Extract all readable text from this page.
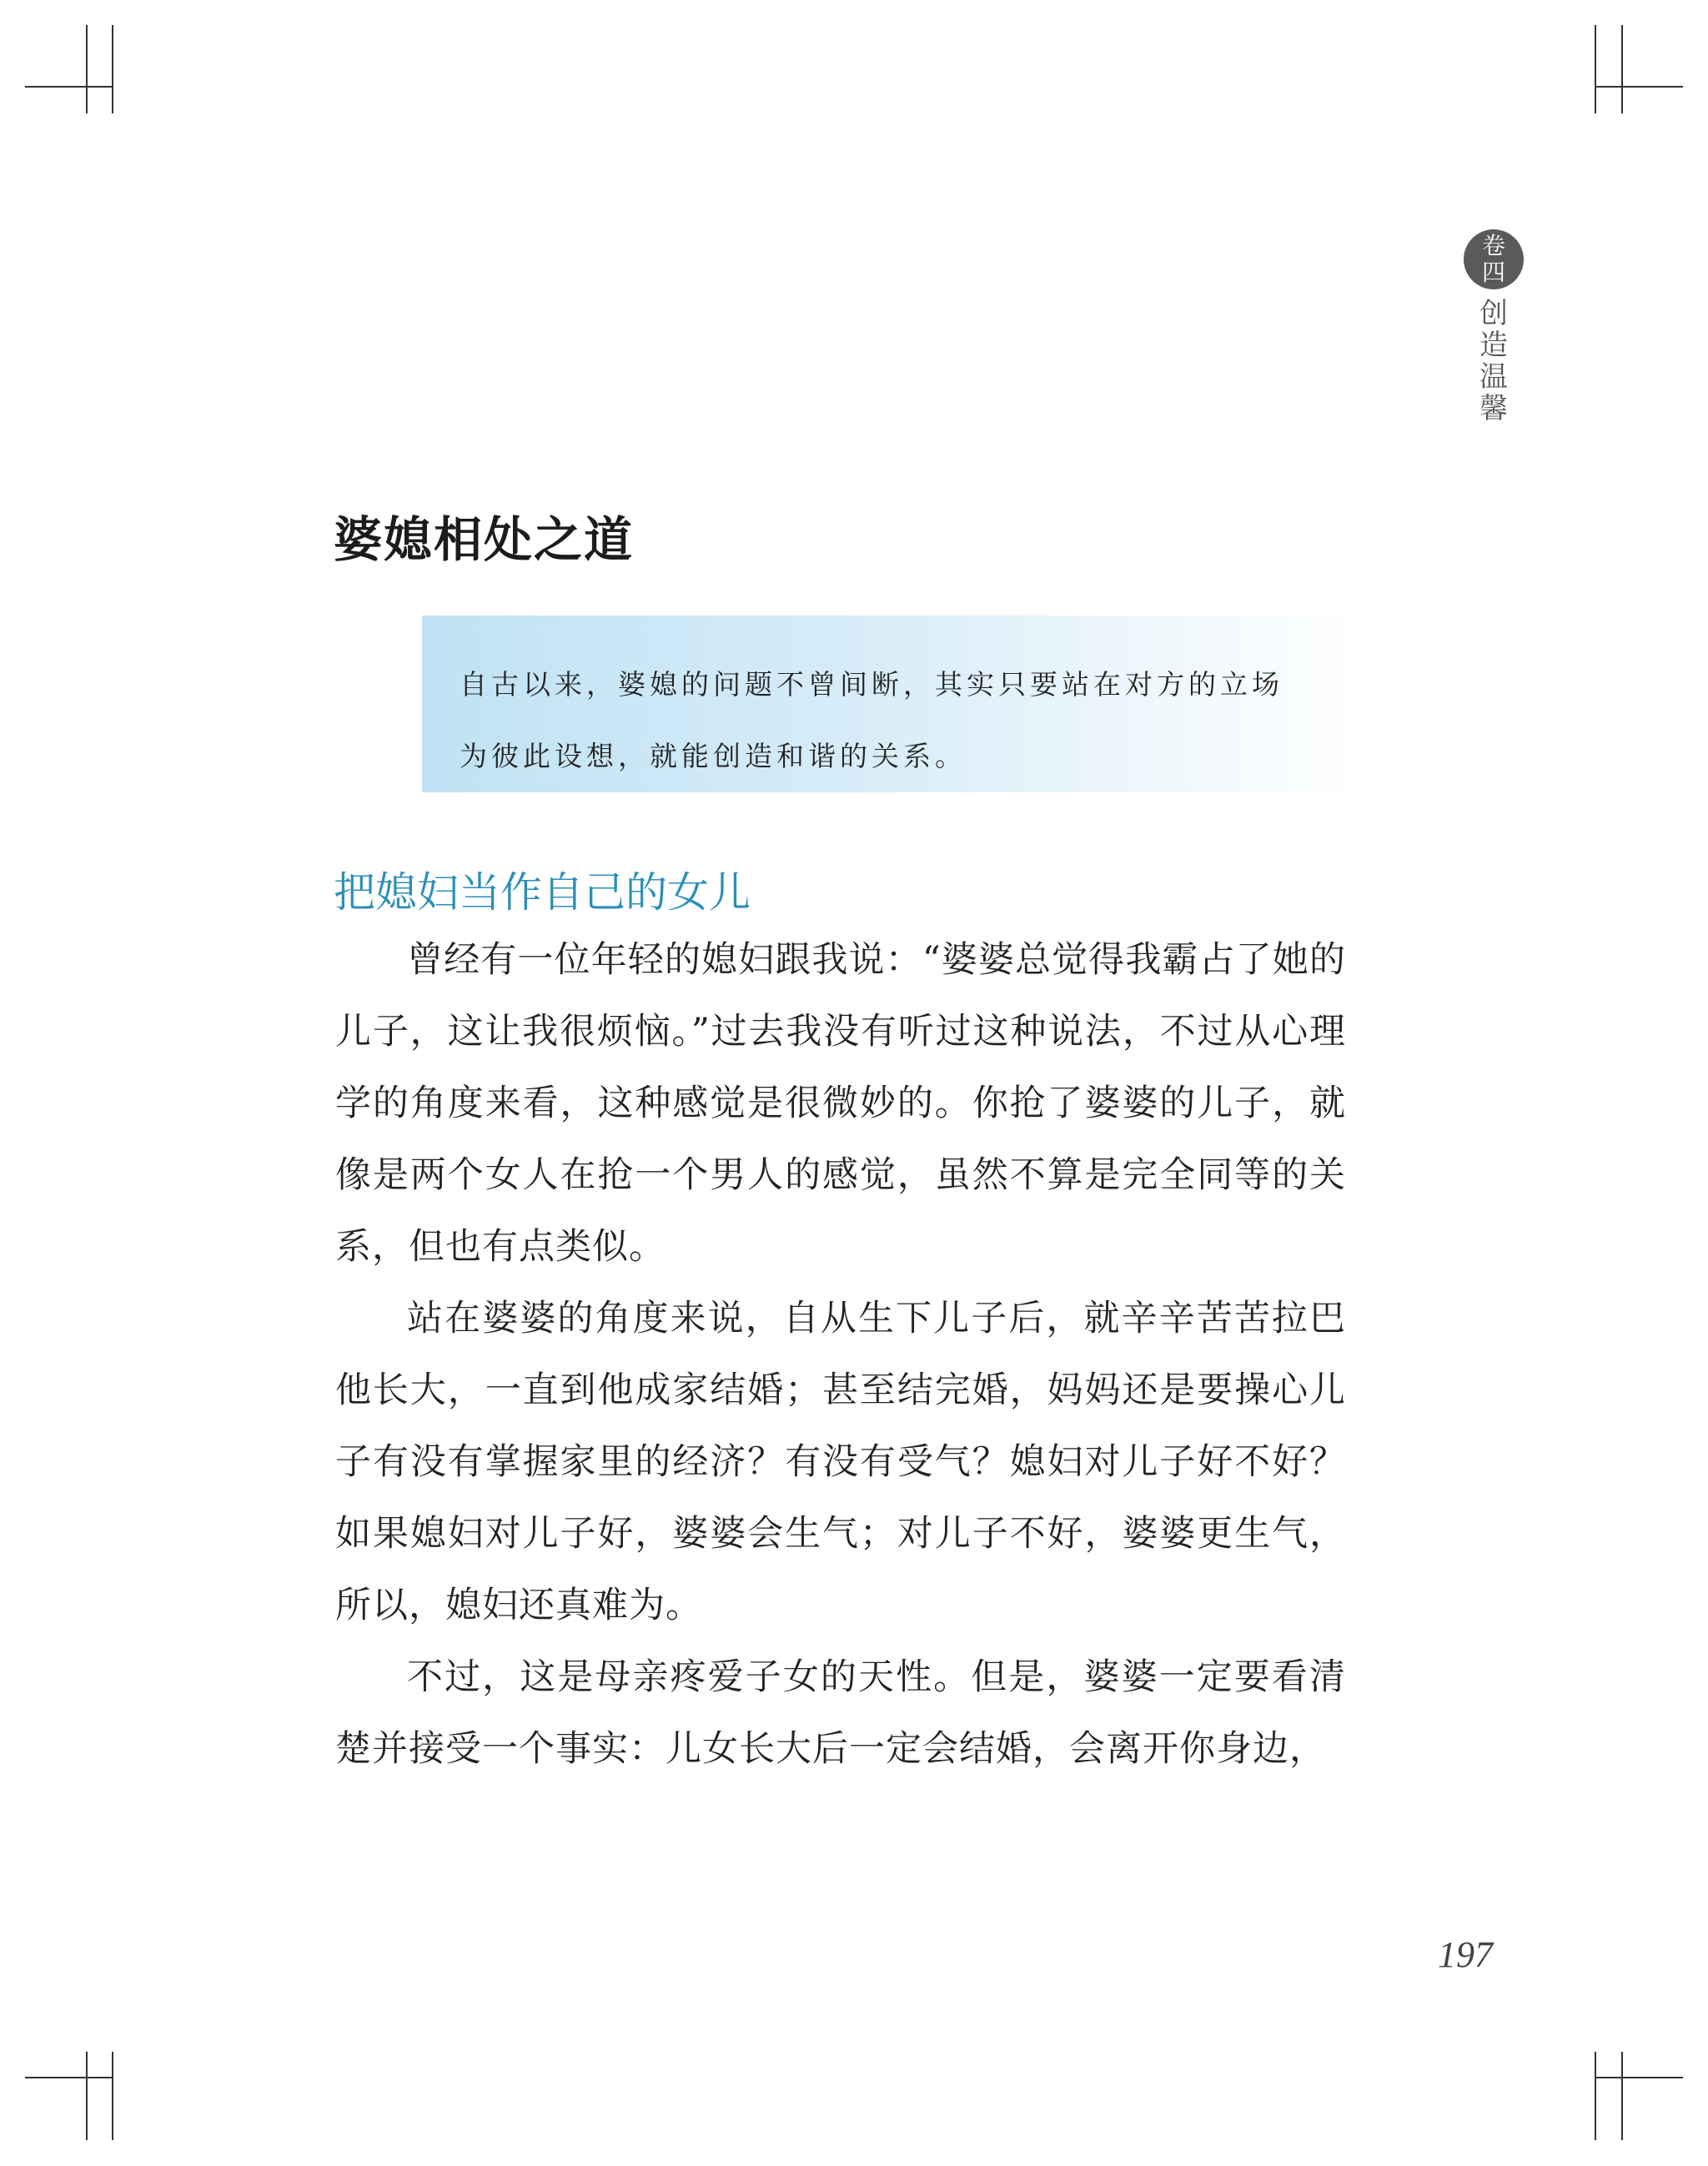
卷四
创造温馨
婆媳相处之道

自古以来，婆媳的问题不曾间断，其实只要站在对方的立场为彼此设想，就能创造和谐的关系。

把媳妇当作自己的女儿

曾经有一位年轻的媳妇跟我说：“婆婆总觉得我霸占了她的儿子，这让我很烦恼。”过去我没有听过这种说法，不过从心理学的角度来看，这种感觉是很微妙的。你抢了婆婆的儿子，就像是两个女人在抢一个男人的感觉，虽然不算是完全同等的关系，但也有点类似。

站在婆婆的角度来说，自从生下儿子后，就辛辛苦苦拉巴他长大，一直到他成家结婚；甚至结完婚，妈妈还是要操心儿子有没有掌握家里的经济？有没有受气？媳妇对儿子好不好？如果媳妇对儿子好，婆婆会生气；对儿子不好，婆婆更生气，所以，媳妇还真难为。

不过，这是母亲疼爱子女的天性。但是，婆婆一定要看清楚并接受一个事实：儿女长大后一定会结婚，会离开你身边，

197
